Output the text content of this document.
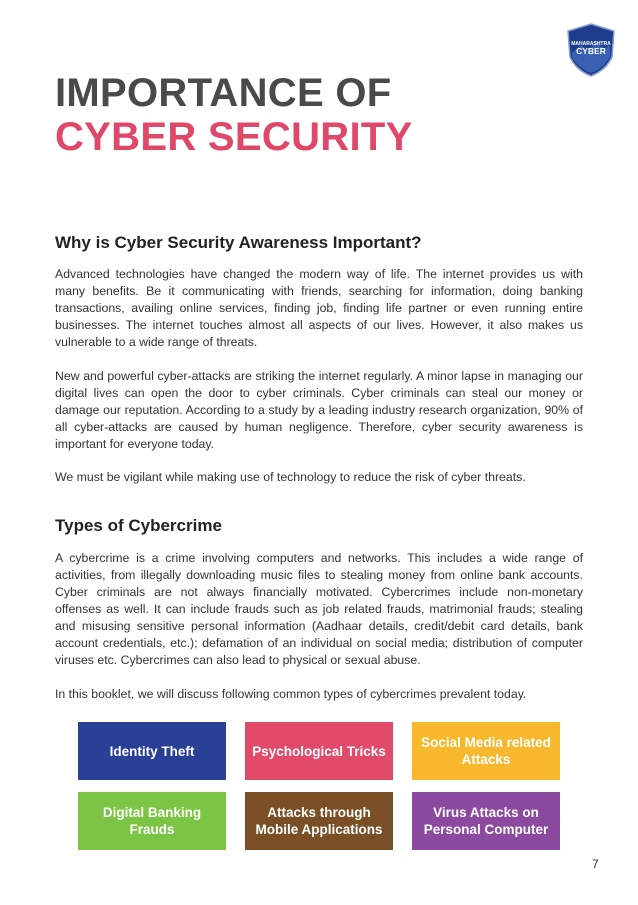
MAHARASHTRA
CYBER
IMPORTANCE OF
CYBER SECURITY
Why is Cyber Security Awareness Important?

Advanced technologies have changed the modern way of life. The internet provides us with many benefits. Be it communicating with friends, searching for information, doing banking transactions, availing online services, finding job, finding life partner or even running entire businesses. The internet touches almost all aspects of our lives. However, it also makes us vulnerable to a wide range of threats.

New and powerful cyber-attacks are striking the internet regularly. A minor lapse in managing our digital lives can open the door to cyber criminals. Cyber criminals can steal our money or damage our reputation. According to a study by a leading industry research organization, 90% of all cyber-attacks are caused by human negligence. Therefore, cyber security awareness is important for everyone today.

We must be vigilant while making use of technology to reduce the risk of cyber threats.

Types of Cybercrime

A cybercrime is a crime involving computers and networks. This includes a wide range of activities, from illegally downloading music files to stealing money from online bank accounts. Cyber criminals are not always financially motivated. Cybercrimes include non-monetary offenses as well. It can include frauds such as job related frauds, matrimonial frauds; stealing and misusing sensitive personal information (Aadhaar details, credit/debit card details, bank account credentials, etc.); defamation of an individual on social media; distribution of computer viruses etc. Cybercrimes can also lead to physical or sexual abuse.

In this booklet, we will discuss following common types of cybercrimes prevalent today.

Identity Theft	Psychological Tricks
Social Media related Attacks
Digital Banking Frauds
Attacks through Mobile Applications
Virus Attacks on Personal Computer
7
